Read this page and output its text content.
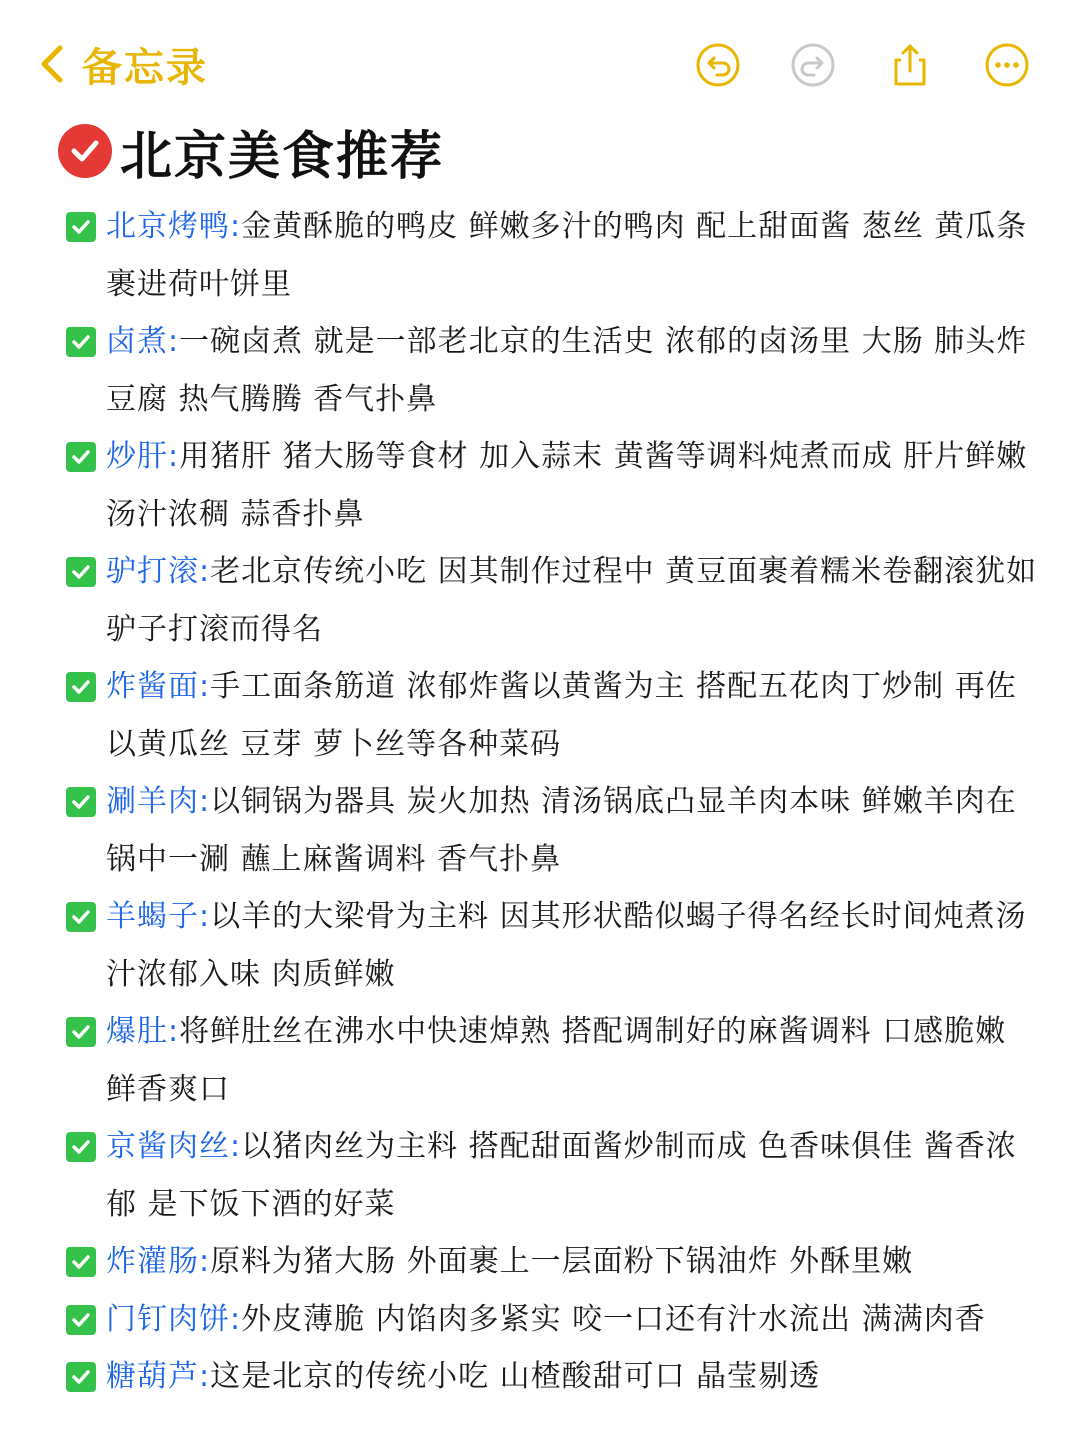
备忘录
北京美食推荐
北京烤鸭:金黄酥脆的鸭皮 鲜嫩多汁的鸭肉 配上甜面酱 葱丝 黄瓜条 裹进荷叶饼里
卤煮:一碗卤煮 就是一部老北京的生活史 浓郁的卤汤里 大肠 肺头炸豆腐 热气腾腾 香气扑鼻
炒肝:用猪肝 猪大肠等食材 加入蒜末 黄酱等调料炖煮而成 肝片鲜嫩 汤汁浓稠 蒜香扑鼻
驴打滚:老北京传统小吃 因其制作过程中 黄豆面裹着糯米卷翻滚犹如驴子打滚而得名
炸酱面:手工面条筋道 浓郁炸酱以黄酱为主 搭配五花肉丁炒制 再佐以黄瓜丝 豆芽 萝卜丝等各种菜码
涮羊肉:以铜锅为器具 炭火加热 清汤锅底凸显羊肉本味 鲜嫩羊肉在锅中一涮 蘸上麻酱调料 香气扑鼻
羊蝎子:以羊的大梁骨为主料 因其形状酷似蝎子得名经长时间炖煮汤汁浓郁入味 肉质鲜嫩
爆肚:将鲜肚丝在沸水中快速焯熟 搭配调制好的麻酱调料 口感脆嫩 鲜香爽口
京酱肉丝:以猪肉丝为主料 搭配甜面酱炒制而成 色香味俱佳 酱香浓郁 是下饭下酒的好菜
炸灌肠:原料为猪大肠 外面裹上一层面粉下锅油炸 外酥里嫩
门钉肉饼:外皮薄脆 内馅肉多紧实 咬一口还有汁水流出 满满肉香
糖葫芦:这是北京的传统小吃 山楂酸甜可口 晶莹剔透
